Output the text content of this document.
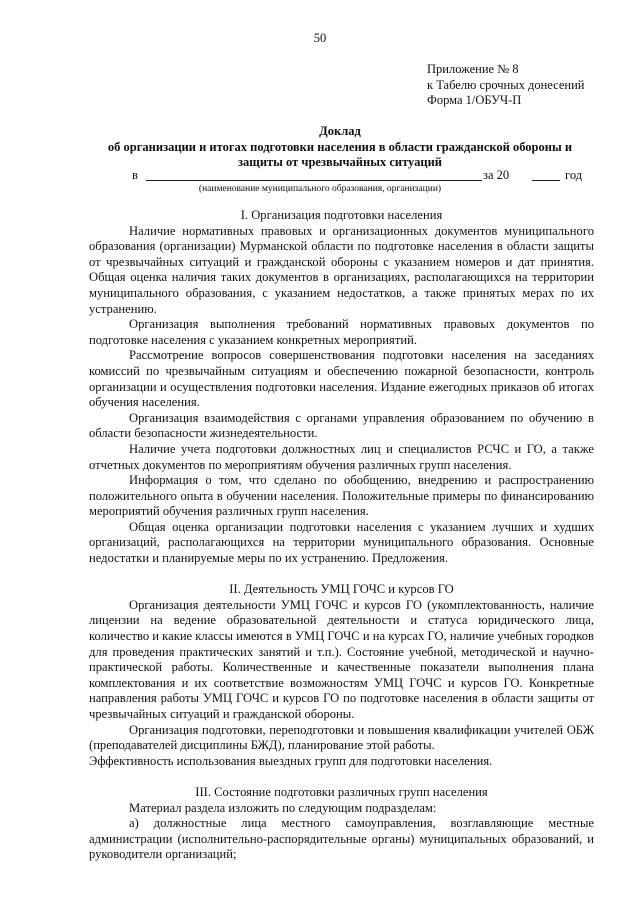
50
Приложение № 8
к Табелю срочных донесений
Форма 1/ОБУЧ-П
Доклад
об организации и итогах подготовки населения в области гражданской обороны и
защиты от чрезвычайных ситуаций
в	за 20	год
(наименование муниципального образования, организации)
I. Организация подготовки населения

Наличие нормативных правовых и организационных документов муниципального образования (организации) Мурманской области по подготовке населения в области защиты от чрезвычайных ситуаций и гражданской обороны с указанием номеров и дат принятия. Общая оценка наличия таких документов в организациях, располагающихся на территории муниципального образования, с указанием недостатков, а также принятых мерах по их устранению.

Организация выполнения требований нормативных правовых документов по подготовке населения с указанием конкретных мероприятий.

Рассмотрение вопросов совершенствования подготовки населения на заседаниях комиссий по чрезвычайным ситуациям и обеспечению пожарной безопасности, контроль организации и осуществления подготовки населения. Издание ежегодных приказов об итогах обучения населения.

Организация взаимодействия с органами управления образованием по обучению в области безопасности жизнедеятельности.

Наличие учета подготовки должностных лиц и специалистов РСЧС и ГО, а также отчетных документов по мероприятиям обучения различных групп населения.

Информация о том, что сделано по обобщению, внедрению и распространению положительного опыта в обучении населения. Положительные примеры по финансированию мероприятий обучения различных групп населения.

Общая оценка организации подготовки населения с указанием лучших и худших организаций, располагающихся на территории муниципального образования. Основные недостатки и планируемые меры по их устранению. Предложения.

II. Деятельность УМЦ ГОЧС и курсов ГО

Организация деятельности УМЦ ГОЧС и курсов ГО (укомплектованность, наличие лицензии на ведение образовательной деятельности и статуса юридического лица, количество и какие классы имеются в УМЦ ГОЧС и на курсах ГО, наличие учебных городков для проведения практических занятий и т.п.). Состояние учебной, методической и научно-практической работы. Количественные и качественные показатели выполнения плана комплектования и их соответствие возможностям УМЦ ГОЧС и курсов ГО. Конкретные направления работы УМЦ ГОЧС и курсов ГО по подготовке населения в области защиты от чрезвычайных ситуаций и гражданской обороны.

Организация подготовки, переподготовки и повышения квалификации учителей ОБЖ (преподавателей дисциплины БЖД), планирование этой работы.

Эффективность использования выездных групп для подготовки населения.

III. Состояние подготовки различных групп населения

Материал раздела изложить по следующим подразделам:

а) должностные лица местного самоуправления, возглавляющие местные администрации (исполнительно-распорядительные органы) муниципальных образований, и руководители организаций;
